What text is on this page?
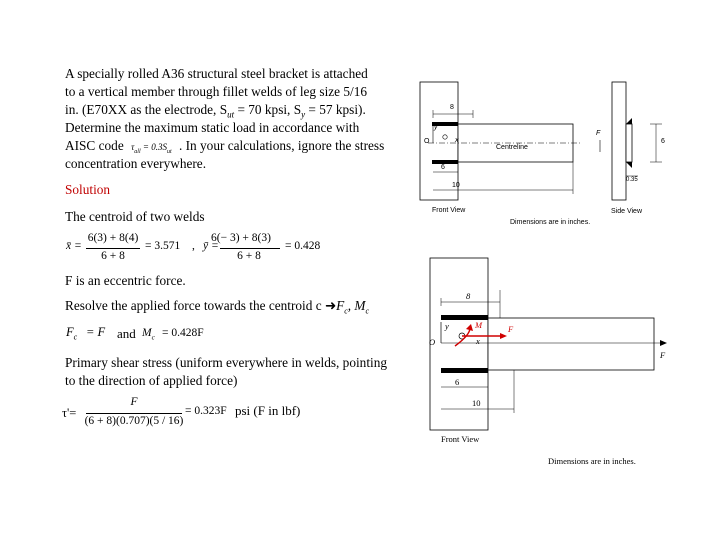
A specially rolled A36 structural steel bracket is attached
to a vertical member through fillet welds of leg size 5/16
in. (E70XX as the electrode, $S_{ut} = 70$ kpsi, $S_y = 57$ kpsi).
Determine the maximum static load in accordance with
AISC code $\tau_{all} = 0.3S_{ut}$ . In your calculations, ignore the stress
concentration everywhere.
Solution
The centroid of two welds
x̄ =
6(3) + 8(4)
6 + 8
= 3.571 , ȳ =
6(− 3) + 8(3)
6 + 8
= 0.428
F is an eccentric force.
Resolve the applied force towards the centroid c $➜F_c$, $M_c$
$F_c = F$ and $M_c = 0.428F$
Primary shear stress (uniform everywhere in welds, pointing
to the direction of applied force)
τ'=
F
(6 + 8)(0.707)(5 / 16)
= 0.323F psi (F in lbf)
8
y
x
O
F
Centreline
6
10
Front View	Side View
6
0.35
Dimensions are in inches.
8
y	M	F
x
O
F
6
10
Front View
Dimensions are in inches.
